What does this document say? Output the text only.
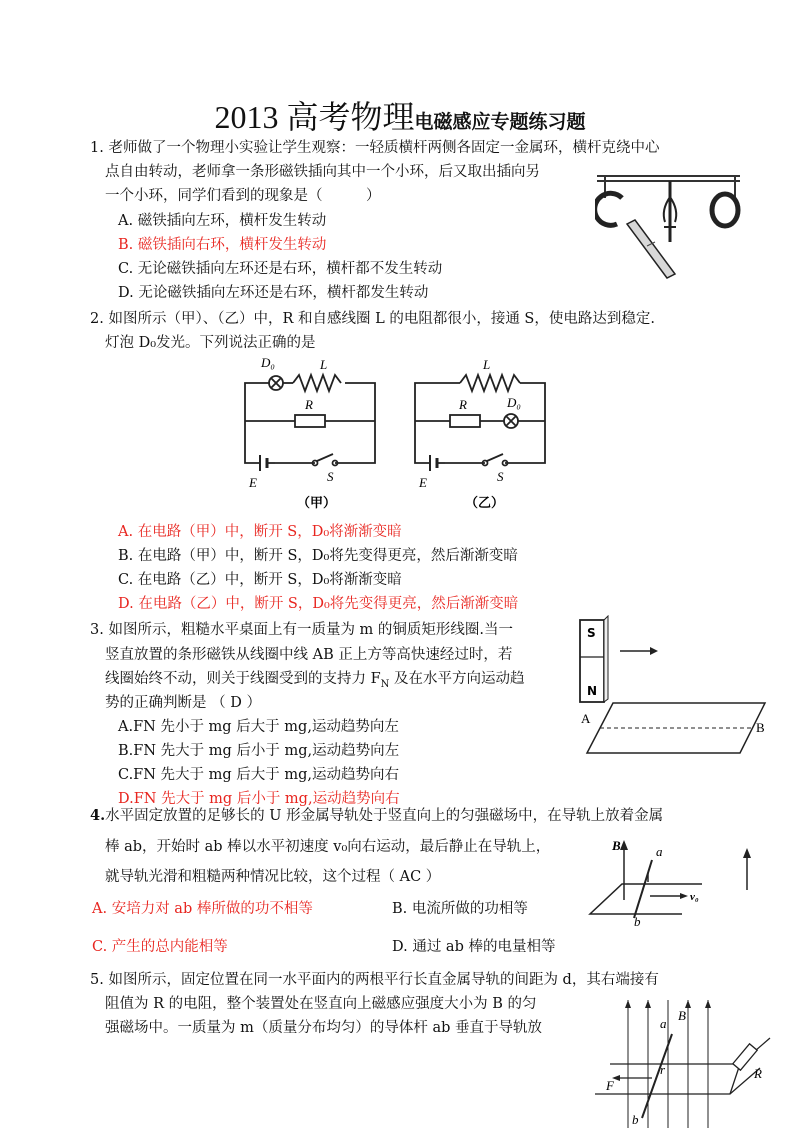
2013 高考物理电磁感应专题练习题
1. 老师做了一个物理小实验让学生观察：一轻质横杆两侧各固定一金属环，横杆克绕中心
点自由转动，老师拿一条形磁铁插向其中一个小环，后又取出插向另
一个小环，同学们看到的现象是（　　　）
A. 磁铁插向左环，横杆发生转动
B. 磁铁插向右环，横杆发生转动
C. 无论磁铁插向左环还是右环，横杆都不发生转动
D. 无论磁铁插向左环还是右环，横杆都发生转动
2. 如图所示（甲）、（乙）中，R 和自感线圈 L 的电阻都很小，接通 S，使电路达到稳定.
灯泡 D₀发光。下列说法正确的是
D₀	L
R
E	S
（甲）
L
R	D₀
E	S
（乙）
A. 在电路（甲）中，断开 S，D₀将渐渐变暗
B. 在电路（甲）中，断开 S，D₀将先变得更亮，然后渐渐变暗
C. 在电路（乙）中，断开 S，D₀将渐渐变暗
D. 在电路（乙）中，断开 S，D₀将先变得更亮，然后渐渐变暗
3. 如图所示，粗糙水平桌面上有一质量为 m 的铜质矩形线圈.当一
竖直放置的条形磁铁从线圈中线 AB 正上方等高快速经过时，若
线圈始终不动，则关于线圈受到的支持力 $F_N$ 及在水平方向运动趋
势的正确判断是 （ D ）
A.FN 先小于 mg 后大于 mg,运动趋势向左
B.FN 先大于 mg 后小于 mg,运动趋势向左
C.FN 先大于 mg 后大于 mg,运动趋势向右
D.FN 先大于 mg 后小于 mg,运动趋势向右
S
N
A
B
4.水平固定放置的足够长的 U 形金属导轨处于竖直向上的匀强磁场中，在导轨上放着金属
棒 ab，开始时 ab 棒以水平初速度 v₀向右运动，最后静止在导轨上，
就导轨光滑和粗糙两种情况比较，这个过程（ AC ）
A. 安培力对 ab 棒所做的功不相等	B. 电流所做的功相等
C. 产生的总内能相等	D. 通过 ab 棒的电量相等
B	a
b
v₀
5. 如图所示，固定位置在同一水平面内的两根平行长直金属导轨的间距为 d，其右端接有
阻值为 R 的电阻，整个装置处在竖直向上磁感应强度大小为 B 的匀
强磁场中。一质量为 m（质量分布均匀）的导体杆 ab 垂直于导轨放
B
a
r
F
R
b
